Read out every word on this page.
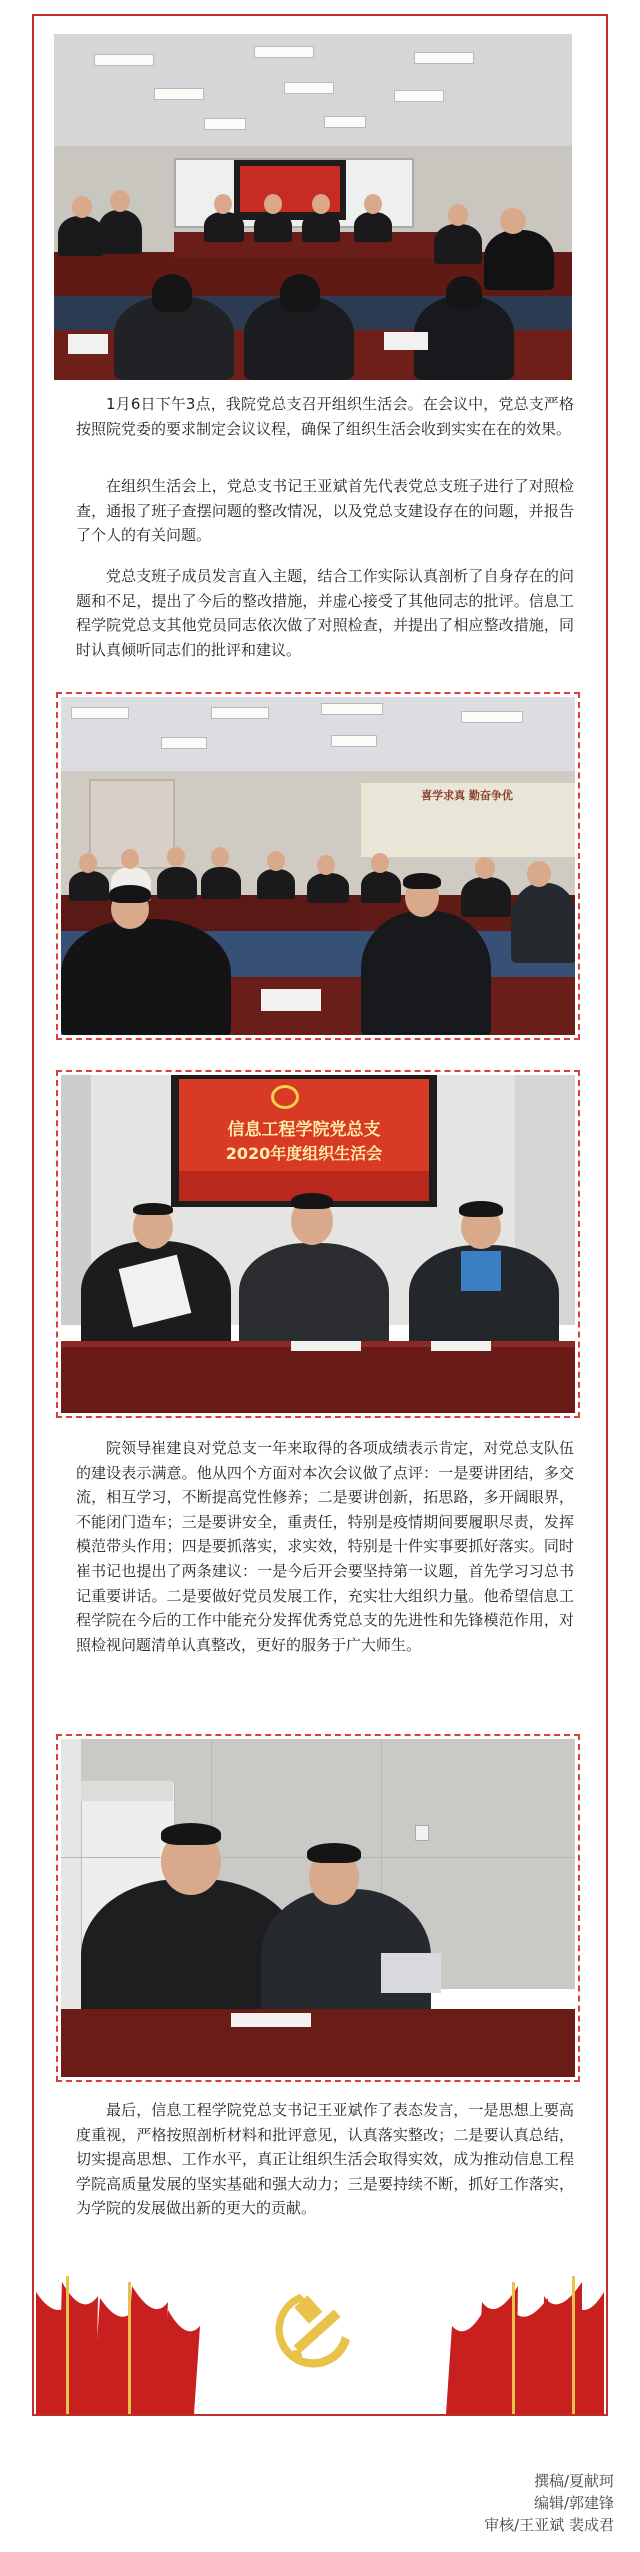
1月6日下午3点，我院党总支召开组织生活会。在会议中，党总支严格按照院党委的要求制定会议议程，确保了组织生活会收到实实在在的效果。

在组织生活会上，党总支书记王亚斌首先代表党总支班子进行了对照检查，通报了班子查摆问题的整改情况，以及党总支建设存在的问题，并报告了个人的有关问题。

党总支班子成员发言直入主题，结合工作实际认真剖析了自身存在的问题和不足，提出了今后的整改措施，并虚心接受了其他同志的批评。信息工程学院党总支其他党员同志依次做了对照检查，并提出了相应整改措施，同时认真倾听同志们的批评和建议。

喜学求真 勤奋争优
信息工程学院党总支
2020年度组织生活会

院领导崔建良对党总支一年来取得的各项成绩表示肯定，对党总支队伍的建设表示满意。他从四个方面对本次会议做了点评：一是要讲团结，多交流，相互学习，不断提高党性修养；二是要讲创新，拓思路，多开阔眼界，不能闭门造车；三是要讲安全，重责任，特别是疫情期间要履职尽责，发挥模范带头作用；四是要抓落实，求实效，特别是十件实事要抓好落实。同时崔书记也提出了两条建议：一是今后开会要坚持第一议题，首先学习习总书记重要讲话。二是要做好党员发展工作，充实壮大组织力量。他希望信息工程学院在今后的工作中能充分发挥优秀党总支的先进性和先锋模范作用，对照检视问题清单认真整改，更好的服务于广大师生。

最后，信息工程学院党总支书记王亚斌作了表态发言，一是思想上要高度重视，严格按照剖析材料和批评意见，认真落实整改；二是要认真总结，切实提高思想、工作水平，真正让组织生活会取得实效，成为推动信息工程学院高质量发展的坚实基础和强大动力；三是要持续不断，抓好工作落实，为学院的发展做出新的更大的贡献。

撰稿/夏献珂
编辑/郭建锋
审核/王亚斌 裴成君
